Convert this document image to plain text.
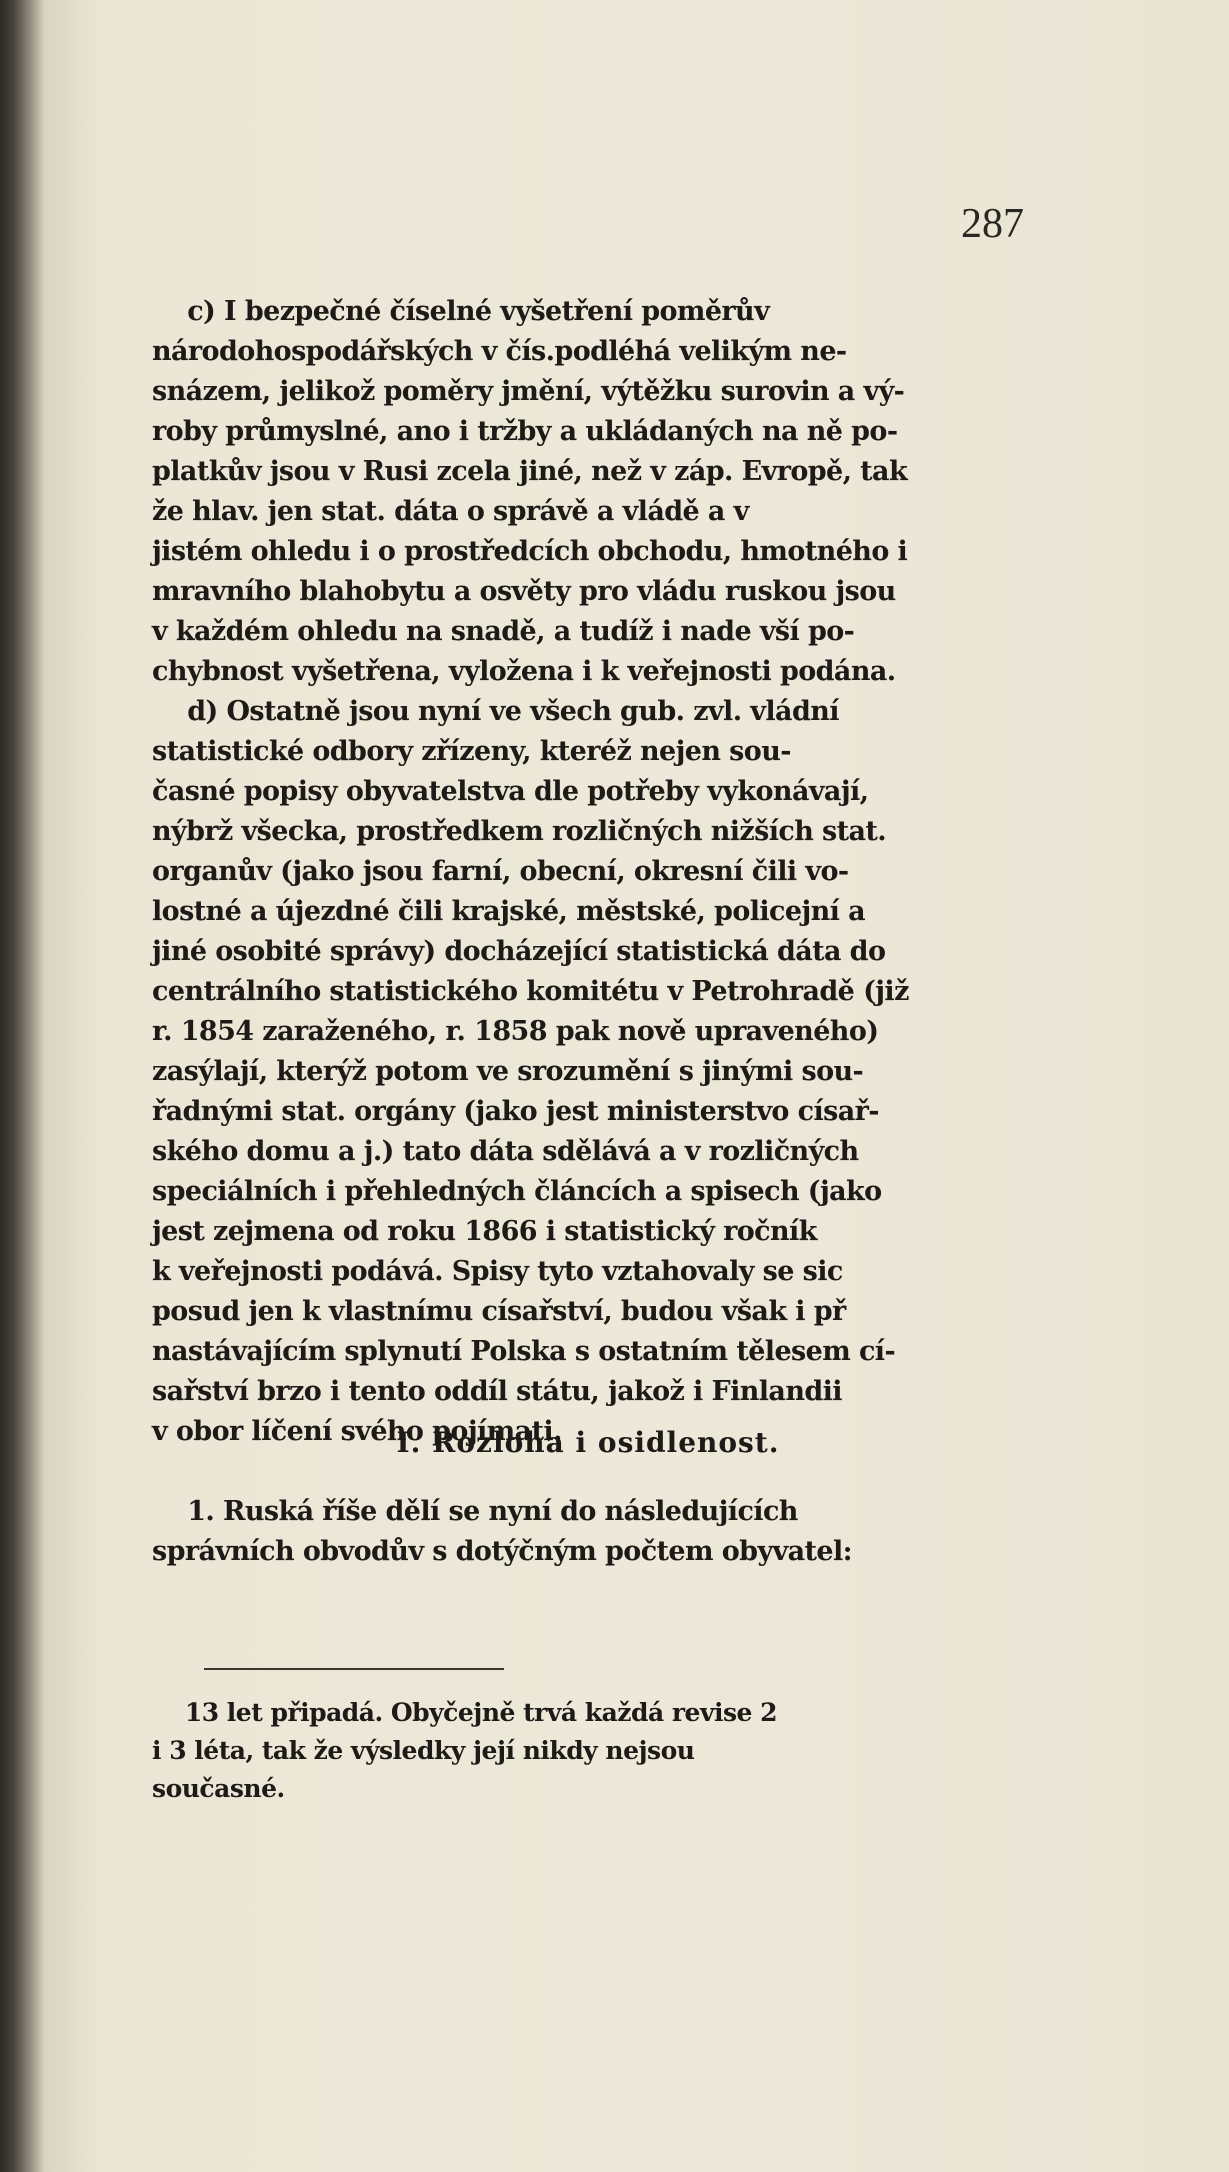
287
c) I bezpečné číselné vyšetření poměrův
národohospodářských v čís.podléhá velikým ne-
snázem, jelikož poměry jmění, výtěžku surovin a vý-
roby průmyslné, ano i tržby a ukládaných na ně po-
platkův jsou v Rusi zcela jiné, než v záp. Evropě, tak
že hlav. jen stat. dáta o správě a vládě a v
jistém ohledu i o prostředcích obchodu, hmotného i
mravního blahobytu a osvěty pro vládu ruskou jsou
v každém ohledu na snadě, a tudíž i nade vší po-
chybnost vyšetřena, vyložena i k veřejnosti podána.
d) Ostatně jsou nyní ve všech gub. zvl. vládní
statistické odbory zřízeny, kteréž nejen sou-
časné popisy obyvatelstva dle potřeby vykonávají,
nýbrž všecka, prostředkem rozličných nižších stat.
organův (jako jsou farní, obecní, okresní čili vo-
lostné a újezdné čili krajské, městské, policejní a
jiné osobité správy) docházející statistická dáta do
centrálního statistického komitétu v Petrohradě (již
r. 1854 zaraženého, r. 1858 pak nově upraveného)
zasýlají, kterýž potom ve srozumění s jinými sou-
řadnými stat. orgány (jako jest ministerstvo císař-
ského domu a j.) tato dáta sdělává a v rozličných
speciálních i přehledných článcích a spisech (jako
jest zejmena od roku 1866 i statistický ročník
k veřejnosti podává. Spisy tyto vztahovaly se sic
posud jen k vlastnímu císařství, budou však i př
nastávajícím splynutí Polska s ostatním tělesem cí-
sařství brzo i tento oddíl státu, jakož i Finlandii
v obor líčení svého pojímati.
I. Rozloha i osidlenost.
1. Ruská říše dělí se nyní do následujících
správních obvodův s dotýčným počtem obyvatel:
13 let připadá. Obyčejně trvá každá revise 2
i 3 léta, tak že výsledky její nikdy nejsou
současné.
